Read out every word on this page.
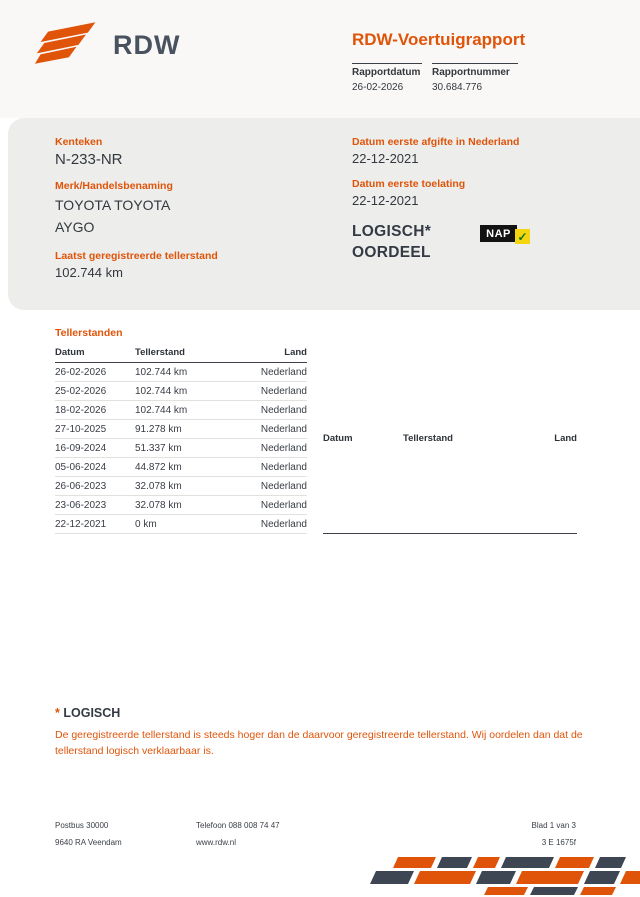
RDW	RDW-Voertuigrapport
Rapportdatum
26-02-2026
Rapportnummer
30.684.776
Kenteken
N-233-NR
Merk/Handelsbenaming
TOYOTA TOYOTA
AYGO
Laatst geregistreerde tellerstand
102.744 km
Datum eerste afgifte in Nederland
22-12-2021
Datum eerste toelating
22-12-2021
LOGISCH*
OORDEEL
NAP ✓
Tellerstanden
Datum	Tellerstand	Land
26-02-2026	102.744 km	Nederland
25-02-2026	102.744 km	Nederland
18-02-2026	102.744 km	Nederland
27-10-2025	91.278 km	Nederland
16-09-2024	51.337 km	Nederland
05-06-2024	44.872 km	Nederland
26-06-2023	32.078 km	Nederland
23-06-2023	32.078 km	Nederland
22-12-2021	0 km	Nederland
Datum	Tellerstand	Land
* LOGISCH

De geregistreerde tellerstand is steeds hoger dan de daarvoor geregistreerde tellerstand. Wij oordelen dan dat de tellerstand logisch verklaarbaar is.

Postbus 30000
9640 RA Veendam
Telefoon 088 008 74 47
www.rdw.nl
Blad 1 van 3
3 E 1675f
